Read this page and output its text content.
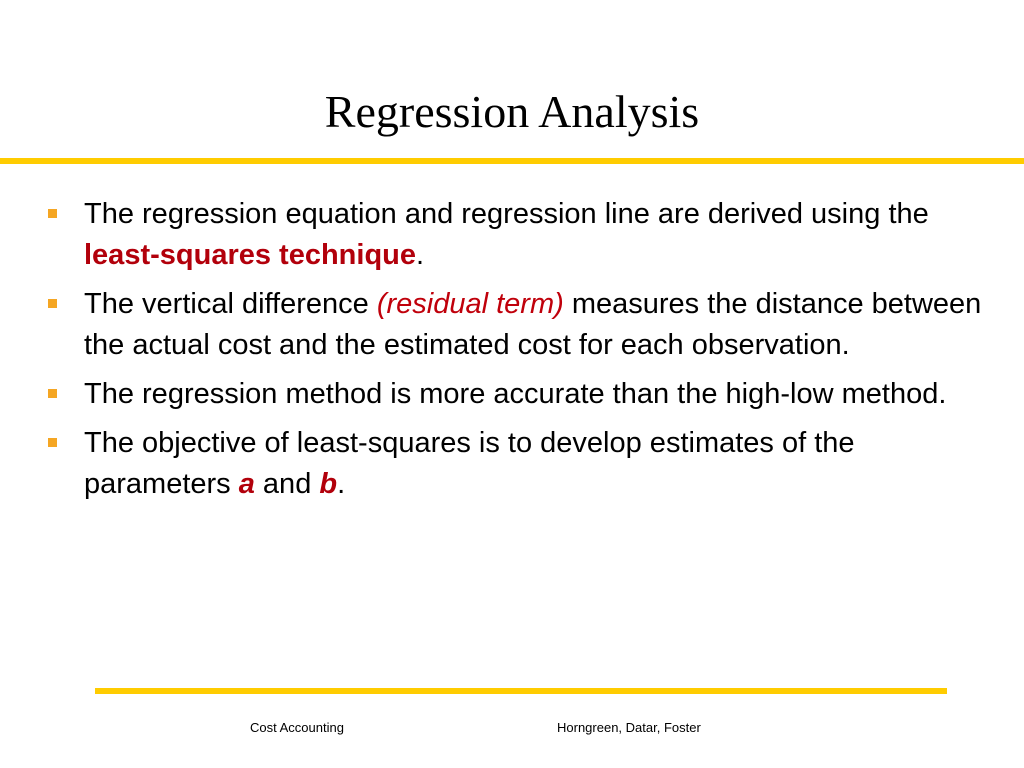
Regression Analysis
The regression equation and regression line are derived using the least-squares technique.
The vertical difference (residual term) measures the distance between the actual cost and the estimated cost for each observation.
The regression method is more accurate than the high-low method.
The objective of least-squares is to develop estimates of the parameters a and b.
Cost Accounting	Horngreen, Datar, Foster
